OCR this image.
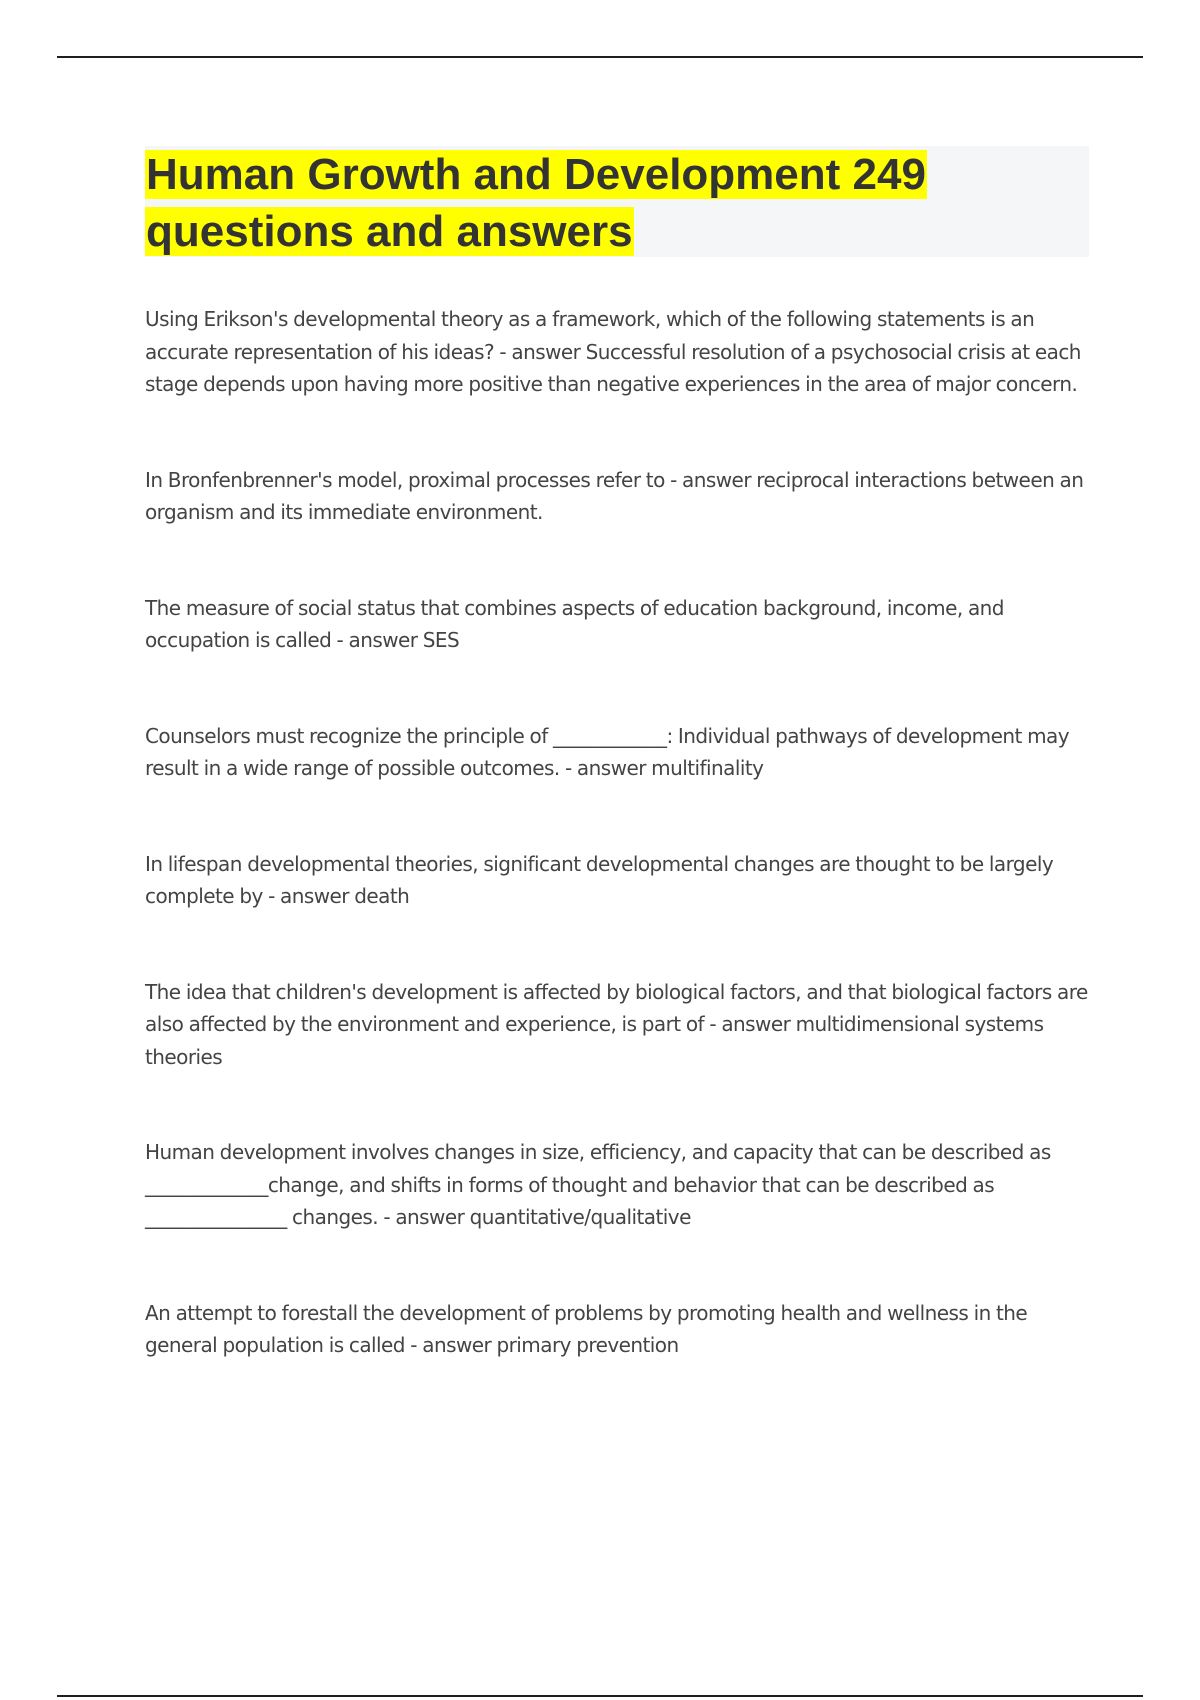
Human Growth and Development 249
questions and answers

Using Erikson's developmental theory as a framework, which of the following statements is an accurate representation of his ideas? - answer Successful resolution of a psychosocial crisis at each stage depends upon having more positive than negative experiences in the area of major concern.

In Bronfenbrenner's model, proximal processes refer to - answer reciprocal interactions between an organism and its immediate environment.

The measure of social status that combines aspects of education background, income, and occupation is called - answer SES

Counselors must recognize the principle of ____________: Individual pathways of development may result in a wide range of possible outcomes. - answer multifinality

In lifespan developmental theories, significant developmental changes are thought to be largely complete by - answer death

The idea that children's development is affected by biological factors, and that biological factors are also affected by the environment and experience, is part of - answer multidimensional systems theories

Human development involves changes in size, efficiency, and capacity that can be described as _____________change, and shifts in forms of thought and behavior that can be described as _______________ changes. - answer quantitative/qualitative

An attempt to forestall the development of problems by promoting health and wellness in the general population is called - answer primary prevention
